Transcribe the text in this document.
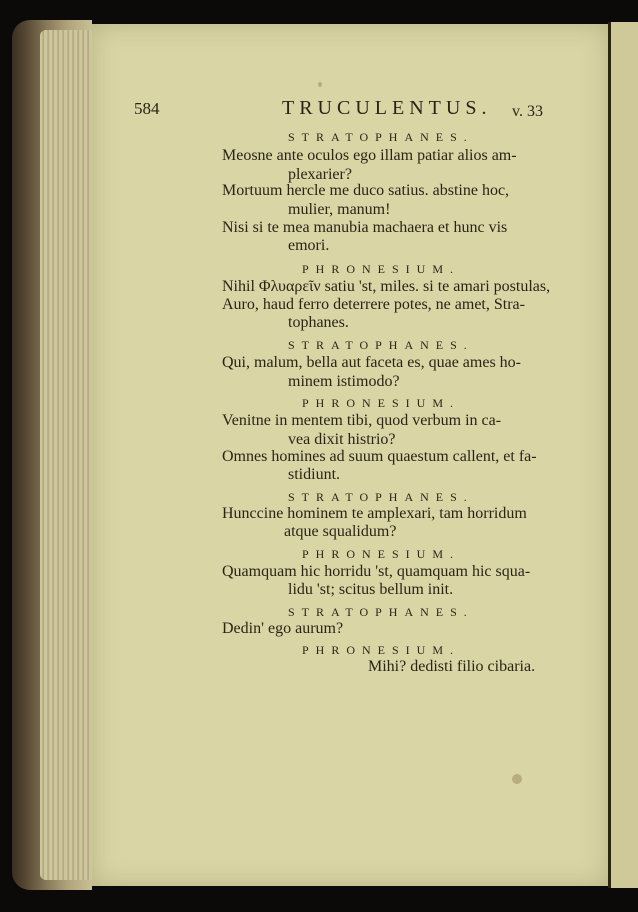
584	TRUCULENTUS. v. 33
STRATOPHANES.
Meosne ante oculos ego illam patiar alios am-
plexarier?
Mortuum hercle me duco satius. abstine hoc,
mulier, manum!
Nisi si te mea manubia machaera et hunc vis
emori.
PHRONESIUM.
Nihil Φλυαρεῖν satiu 'st, miles. si te amari postulas,
Auro, haud ferro deterrere potes, ne amet, Stra-
tophanes.
STRATOPHANES.
Qui, malum, bella aut faceta es, quae ames ho-
minem istimodo?
PHRONESIUM.
Venitne in mentem tibi, quod verbum in ca-
vea dixit histrio?
Omnes homines ad suum quaestum callent, et fa-
stidiunt.
STRATOPHANES.
Hunccine hominem te amplexari, tam horridum
atque squalidum?
PHRONESIUM.
Quamquam hic horridu 'st, quamquam hic squa-
lidu 'st; scitus bellum init.
STRATOPHANES.
Dedin' ego aurum?
PHRONESIUM.
Mihi? dedisti filio cibaria.
